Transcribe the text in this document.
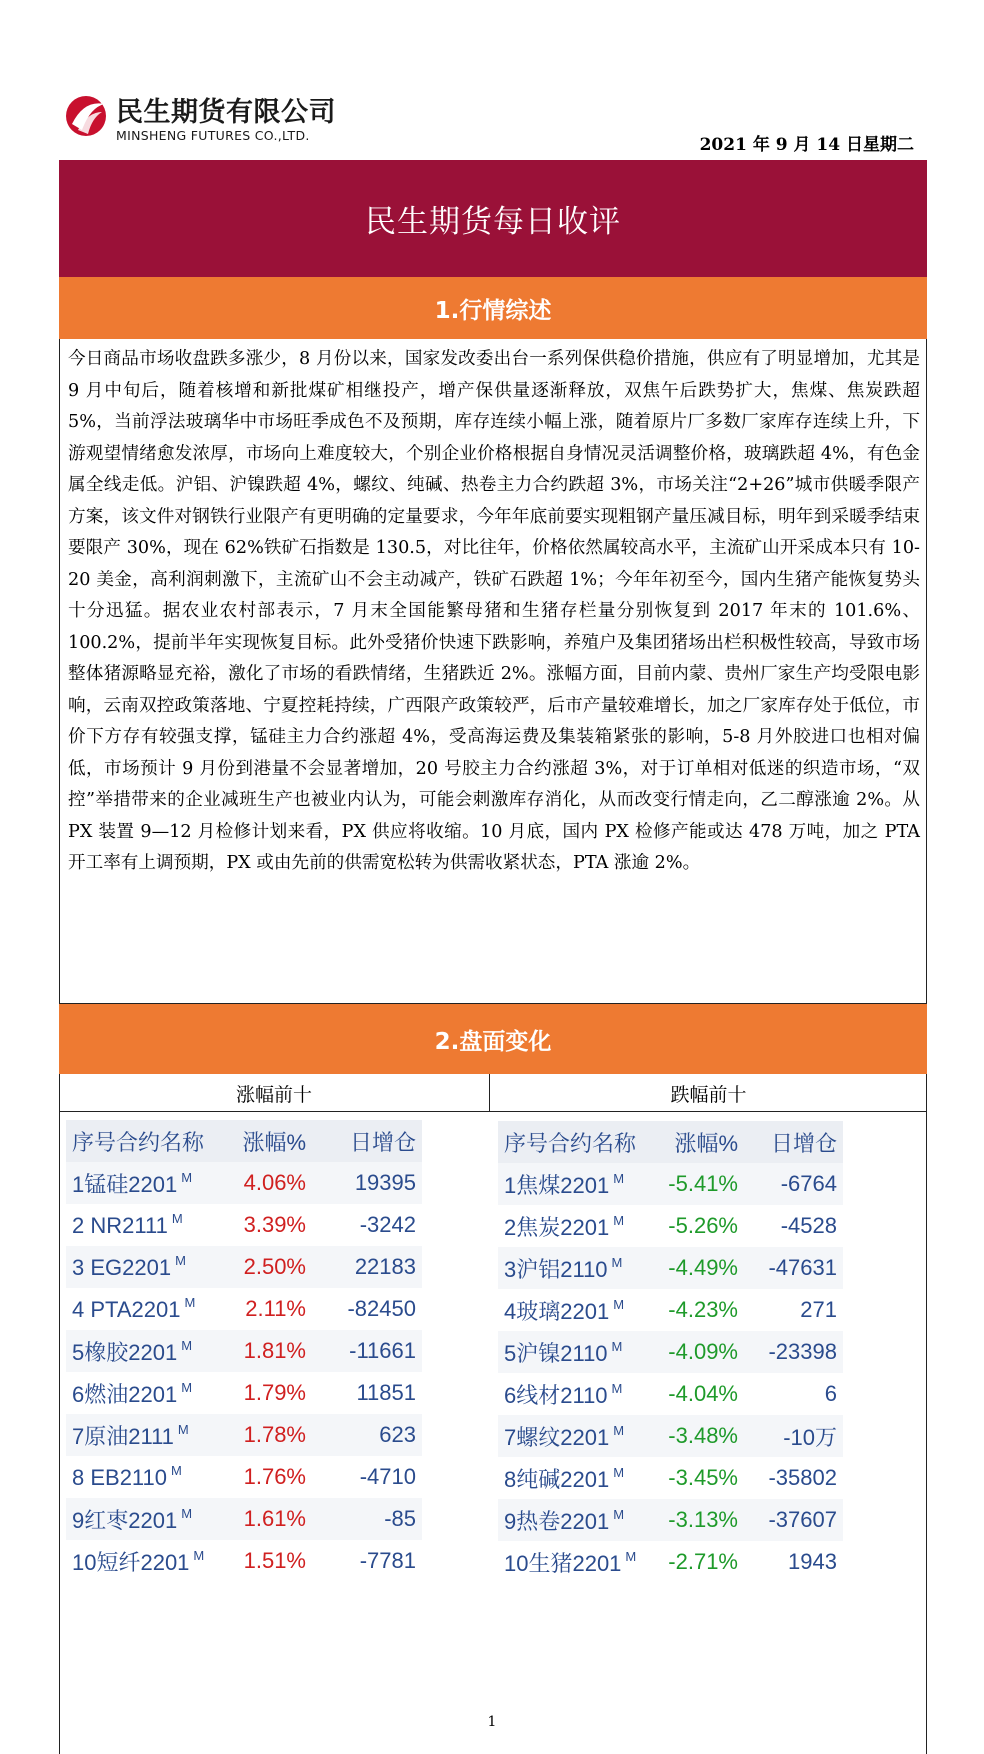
民生期货有限公司
MINSHENG FUTURES CO.,LTD.	2021 年 9 月 14 日星期二
民生期货每日收评
1.行情综述
今日商品市场收盘跌多涨少，8 月份以来，国家发改委出台一系列保供稳价措施，供应有了明显增加，尤其是 9 月中旬后，随着核增和新批煤矿相继投产，增产保供量逐渐释放，双焦午后跌势扩大，焦煤、焦炭跌超 5%，当前浮法玻璃华中市场旺季成色不及预期，库存连续小幅上涨，随着原片厂多数厂家库存连续上升，下游观望情绪愈发浓厚，市场向上难度较大，个别企业价格根据自身情况灵活调整价格，玻璃跌超 4%，有色金属全线走低。沪铝、沪镍跌超 4%，螺纹、纯碱、热卷主力合约跌超 3%，市场关注“2+26”城市供暖季限产方案，该文件对钢铁行业限产有更明确的定量要求，今年年底前要实现粗钢产量压减目标，明年到采暖季结束要限产 30%，现在 62%铁矿石指数是 130.5，对比往年，价格依然属较高水平，主流矿山开采成本只有 10-20 美金，高利润刺激下，主流矿山不会主动减产，铁矿石跌超 1%；今年年初至今，国内生猪产能恢复势头十分迅猛。据农业农村部表示，7 月末全国能繁母猪和生猪存栏量分别恢复到 2017 年末的 101.6%、100.2%，提前半年实现恢复目标。此外受猪价快速下跌影响，养殖户及集团猪场出栏积极性较高，导致市场整体猪源略显充裕，激化了市场的看跌情绪，生猪跌近 2%。涨幅方面，目前内蒙、贵州厂家生产均受限电影响，云南双控政策落地、宁夏控耗持续，广西限产政策较严，后市产量较难增长，加之厂家库存处于低位，市价下方存有较强支撑，锰硅主力合约涨超 4%，受高海运费及集装箱紧张的影响，5-8 月外胶进口也相对偏低，市场预计 9 月份到港量不会显著增加，20 号胶主力合约涨超 3%，对于订单相对低迷的织造市场，“双控”举措带来的企业减班生产也被业内认为，可能会刺激库存消化，从而改变行情走向，乙二醇涨逾 2%。从 PX 装置 9—12 月检修计划来看，PX 供应将收缩。10 月底，国内 PX 检修产能或达 478 万吨，加之 PTA 开工率有上调预期，PX 或由先前的供需宽松转为供需收紧状态，PTA 涨逾 2%。
2.盘面变化
涨幅前十	跌幅前十
序号合约名称	涨幅%	日增仓
1锰硅2201 $^M$	4.06%	19395
2 NR2111 $^M$	3.39%	-3242
3 EG2201 $^M$	2.50%	22183
4 PTA2201 $^M$	2.11%	-82450
5橡胶2201 $^M$	1.81%	-11661
6燃油2201 $^M$	1.79%	11851
7原油2111 $^M$	1.78%	623
8 EB2110 $^M$	1.76%	-4710
9红枣2201 $^M$	1.61%	-85
10短纤2201 $^M$	1.51%	-7781
序号合约名称	涨幅%	日增仓
1焦煤2201 $^M$	-5.41%	-6764
2焦炭2201 $^M$	-5.26%	-4528
3沪铝2110 $^M$	-4.49%	-47631
4玻璃2201 $^M$	-4.23%	271
5沪镍2110 $^M$	-4.09%	-23398
6线材2110 $^M$	-4.04%	6
7螺纹2201 $^M$	-3.48%	-10万
8纯碱2201 $^M$	-3.45%	-35802
9热卷2201 $^M$	-3.13%	-37607
10生猪2201 $^M$	-2.71%	1943
1
